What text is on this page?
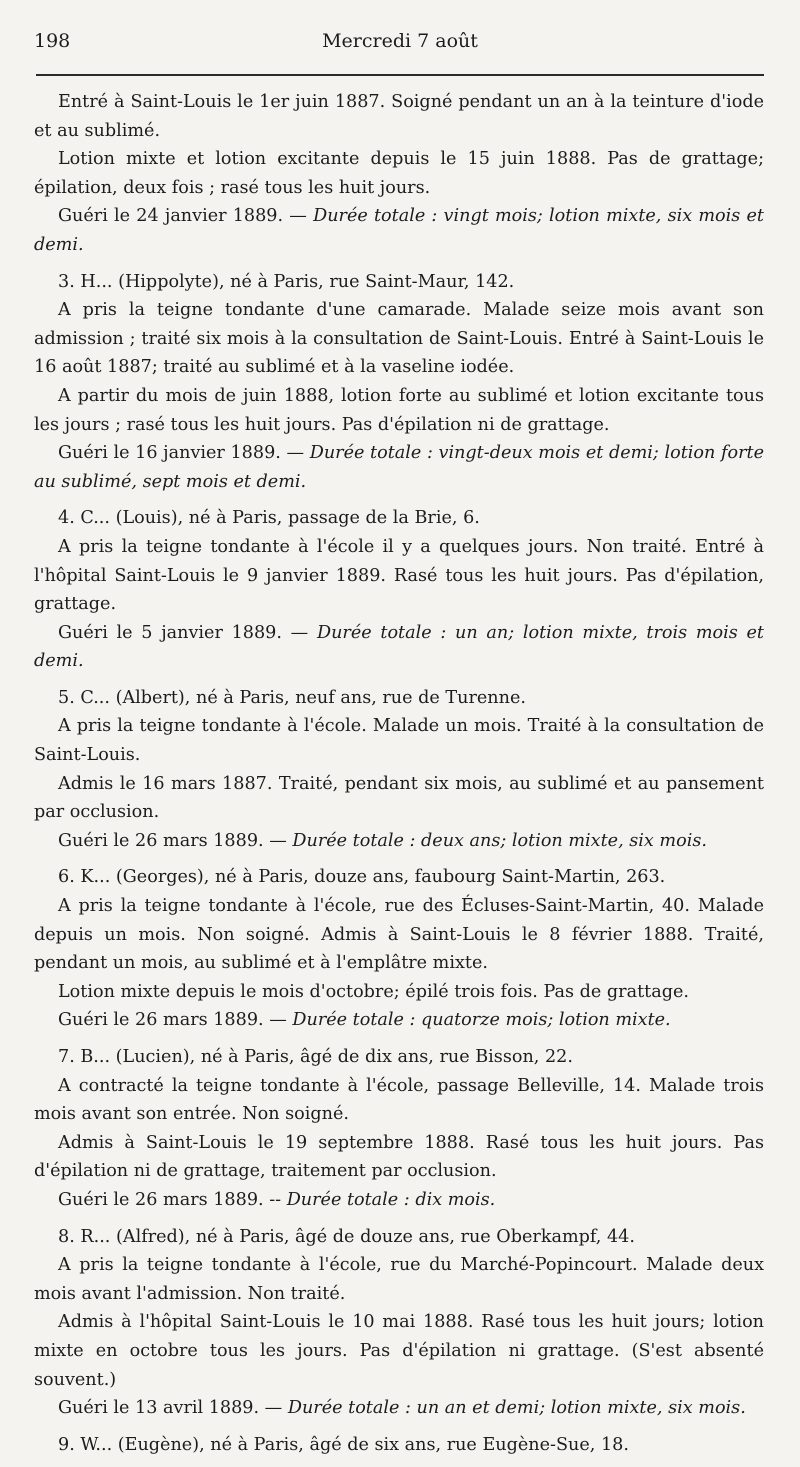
198	Mercredi 7 août

Entré à Saint-Louis le 1er juin 1887. Soigné pendant un an à la teinture d'iode et au sublimé.

Lotion mixte et lotion excitante depuis le 15 juin 1888. Pas de grattage; épilation, deux fois ; rasé tous les huit jours.

Guéri le 24 janvier 1889. — Durée totale : vingt mois; lotion mixte, six mois et demi.

3. H... (Hippolyte), né à Paris, rue Saint-Maur, 142.

A pris la teigne tondante d'une camarade. Malade seize mois avant son admission ; traité six mois à la consultation de Saint-Louis. Entré à Saint-Louis le 16 août 1887; traité au sublimé et à la vaseline iodée.

A partir du mois de juin 1888, lotion forte au sublimé et lotion excitante tous les jours ; rasé tous les huit jours. Pas d'épilation ni de grattage.

Guéri le 16 janvier 1889. — Durée totale : vingt-deux mois et demi; lotion forte au sublimé, sept mois et demi.

4. C... (Louis), né à Paris, passage de la Brie, 6.

A pris la teigne tondante à l'école il y a quelques jours. Non traité. Entré à l'hôpital Saint-Louis le 9 janvier 1889. Rasé tous les huit jours. Pas d'épilation, grattage.

Guéri le 5 janvier 1889. — Durée totale : un an; lotion mixte, trois mois et demi.

5. C... (Albert), né à Paris, neuf ans, rue de Turenne.

A pris la teigne tondante à l'école. Malade un mois. Traité à la consultation de Saint-Louis.

Admis le 16 mars 1887. Traité, pendant six mois, au sublimé et au pansement par occlusion.

Guéri le 26 mars 1889. — Durée totale : deux ans; lotion mixte, six mois.

6. K... (Georges), né à Paris, douze ans, faubourg Saint-Martin, 263.

A pris la teigne tondante à l'école, rue des Écluses-Saint-Martin, 40. Malade depuis un mois. Non soigné. Admis à Saint-Louis le 8 février 1888. Traité, pendant un mois, au sublimé et à l'emplâtre mixte.

Lotion mixte depuis le mois d'octobre; épilé trois fois. Pas de grattage.

Guéri le 26 mars 1889. — Durée totale : quatorze mois; lotion mixte.

7. B... (Lucien), né à Paris, âgé de dix ans, rue Bisson, 22.

A contracté la teigne tondante à l'école, passage Belleville, 14. Malade trois mois avant son entrée. Non soigné.

Admis à Saint-Louis le 19 septembre 1888. Rasé tous les huit jours. Pas d'épilation ni de grattage, traitement par occlusion.

Guéri le 26 mars 1889. -- Durée totale : dix mois.

8. R... (Alfred), né à Paris, âgé de douze ans, rue Oberkampf, 44.

A pris la teigne tondante à l'école, rue du Marché-Popincourt. Malade deux mois avant l'admission. Non traité.

Admis à l'hôpital Saint-Louis le 10 mai 1888. Rasé tous les huit jours; lotion mixte en octobre tous les jours. Pas d'épilation ni grattage. (S'est absenté souvent.)

Guéri le 13 avril 1889. — Durée totale : un an et demi; lotion mixte, six mois.

9. W... (Eugène), né à Paris, âgé de six ans, rue Eugène-Sue, 18.
